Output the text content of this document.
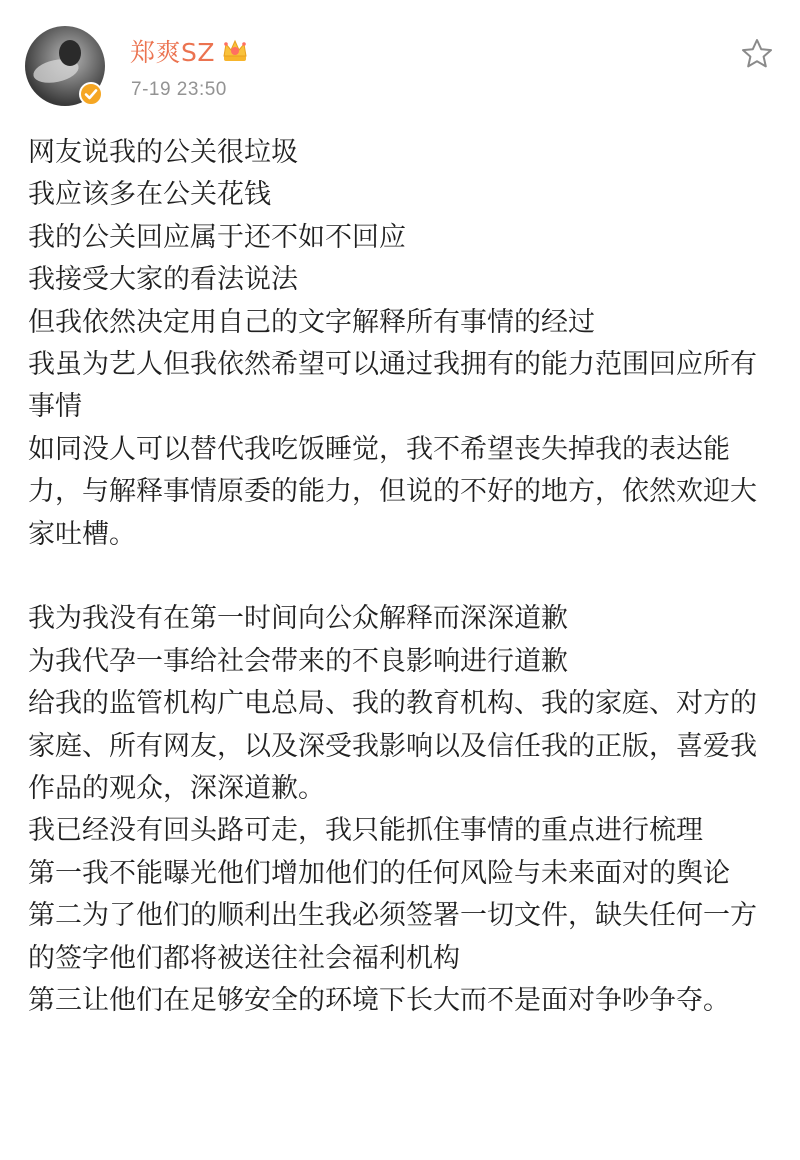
郑爽SZ
7-19 23:50

网友说我的公关很垃圾

我应该多在公关花钱

我的公关回应属于还不如不回应

我接受大家的看法说法

但我依然决定用自己的文字解释所有事情的经过

我虽为艺人但我依然希望可以通过我拥有的能力范围回应所有事情

如同没人可以替代我吃饭睡觉，我不希望丧失掉我的表达能力，与解释事情原委的能力，但说的不好的地方，依然欢迎大家吐槽。

我为我没有在第一时间向公众解释而深深道歉

为我代孕一事给社会带来的不良影响进行道歉

给我的监管机构广电总局、我的教育机构、我的家庭、对方的家庭、所有网友，以及深受我影响以及信任我的正版，喜爱我作品的观众，深深道歉。

我已经没有回头路可走，我只能抓住事情的重点进行梳理

第一我不能曝光他们增加他们的任何风险与未来面对的舆论

第二为了他们的顺利出生我必须签署一切文件，缺失任何一方的签字他们都将被送往社会福利机构

第三让他们在足够安全的环境下长大而不是面对争吵争夺。
